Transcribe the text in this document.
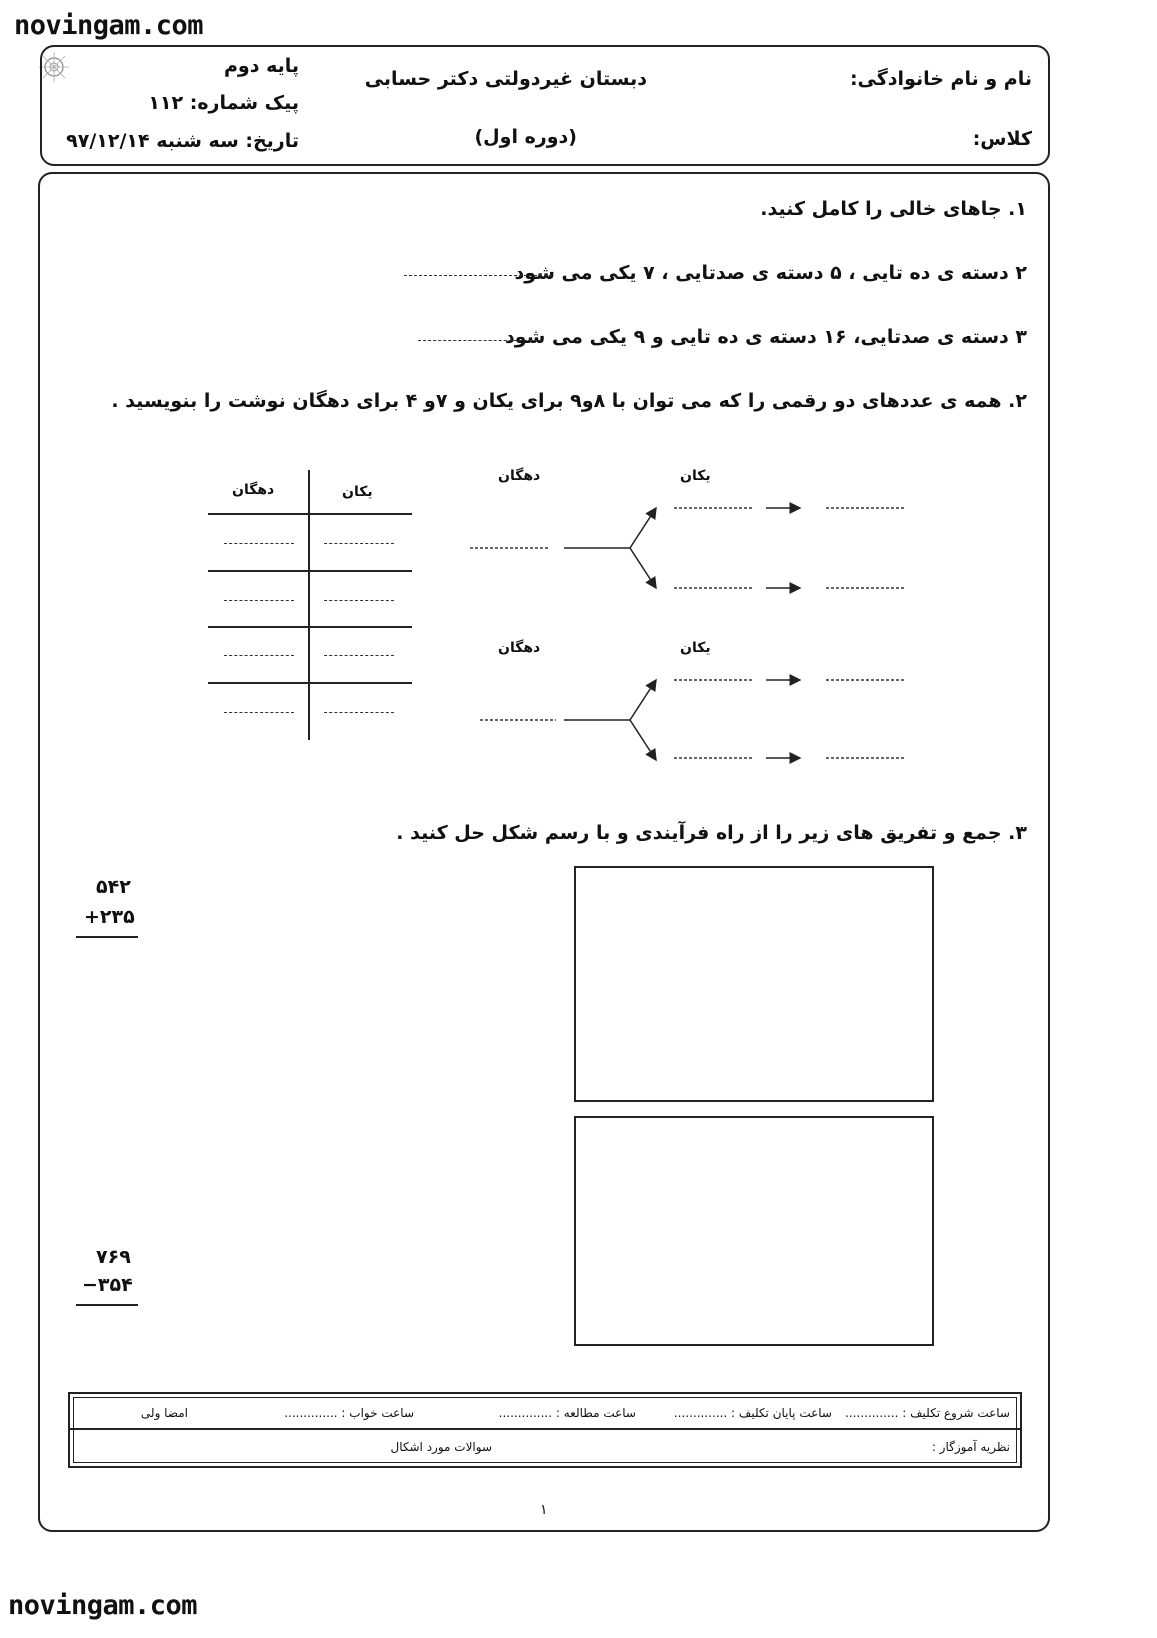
novingam.com
novingam.com
نام و نام خانوادگی:
کلاس:
دبستان غیردولتی دکتر حسابی
(دوره اول)
پایه دوم
پیک شماره: ۱۱۲
تاریخ: سه شنبه ۹۷/۱۲/۱۴
۱. جاهای خالی را کامل کنید.
۲ دسته ی ده تایی ، ۵ دسته ی صدتایی ، ۷ یکی می شود
۳ دسته ی صدتایی، ۱۶ دسته ی ده تایی و ۹ یکی می شود
۲. همه ی عددهای دو رقمی را که می توان با ۸و۹ برای یکان و ۷و ۴ برای دهگان نوشت را بنویسید .
دهگان	یکان
دهگان	یکان
دهگان	یکان
۳. جمع و تفریق های زیر را از راه فرآیندی و با رسم شکل حل کنید .
۵۴۲
+۲۳۵
۷۶۹
−۳۵۴
ساعت شروع تکلیف : ..............
ساعت پایان تکلیف : ..............
ساعت مطالعه : ..............
ساعت خواب : ..............
امضا ولی
نظریه آموزگار :
سوالات مورد اشکال
۱
